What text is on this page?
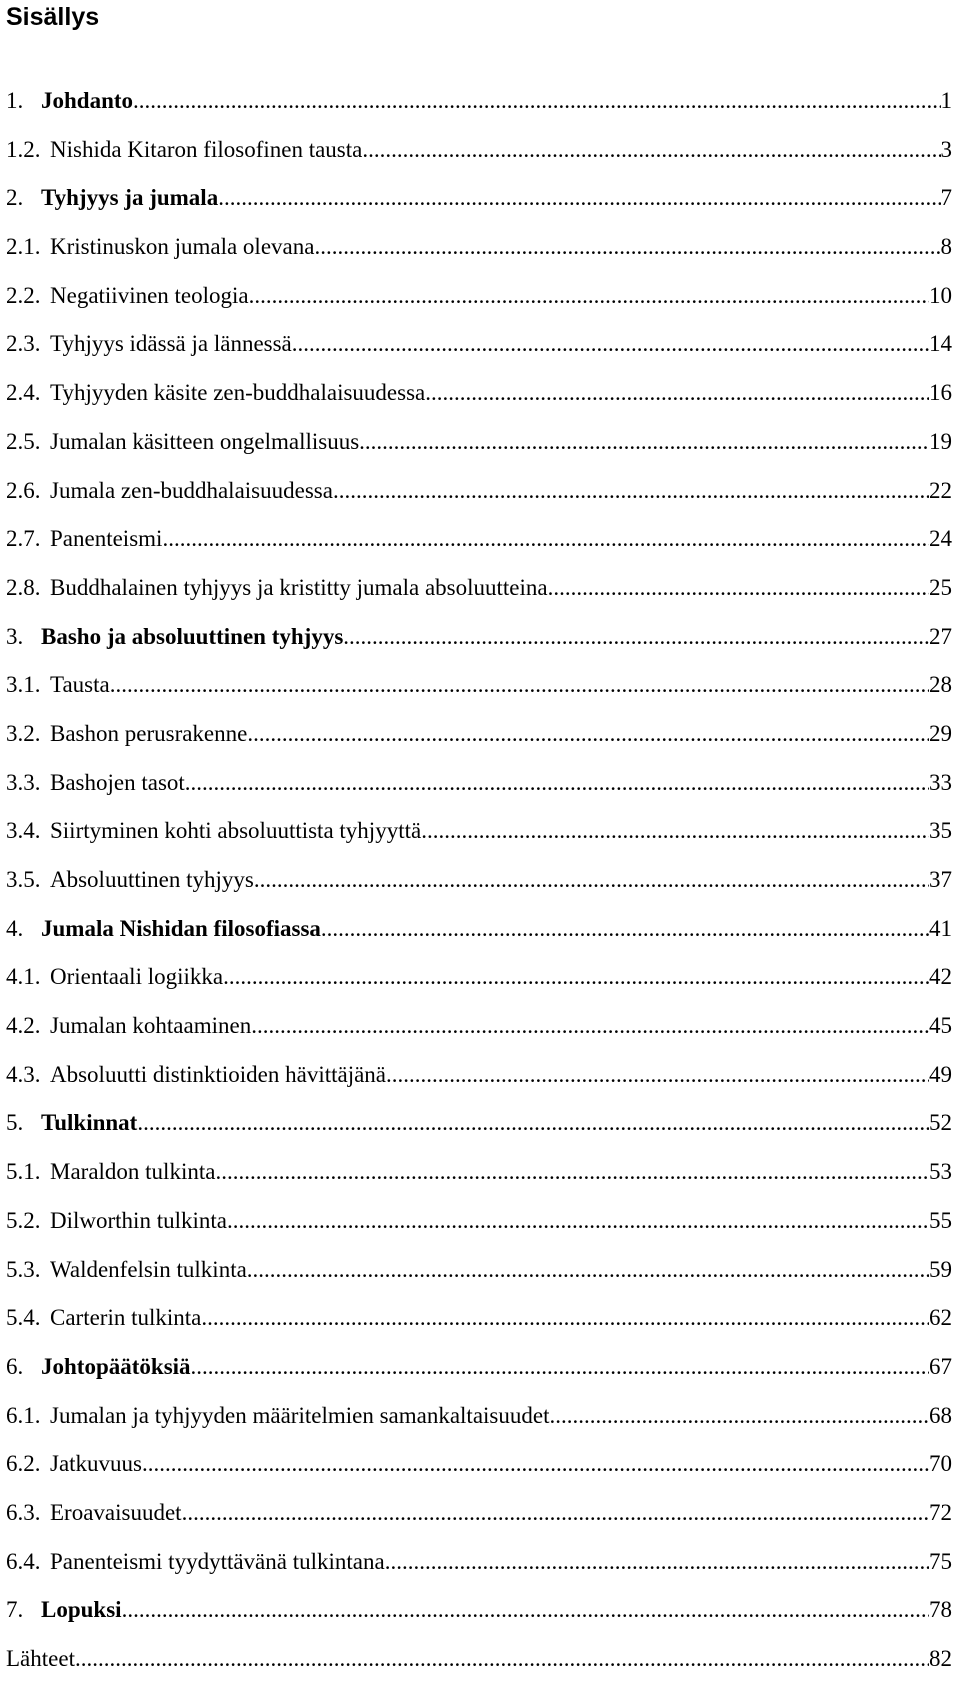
Sisällys
1. Johdanto .....	1
1.2. Nishida Kitaron filosofinen tausta .....	3
2. Tyhjyys ja jumala .....	7
2.1. Kristinuskon jumala olevana .....	8
2.2. Negatiivinen teologia .....	10
2.3. Tyhjyys idässä ja lännessä .....	14
2.4. Tyhjyyden käsite zen-buddhalaisuudessa .....	16
2.5. Jumalan käsitteen ongelmallisuus .....	19
2.6. Jumala zen-buddhalaisuudessa .....	22
2.7. Panenteismi .....	24
2.8. Buddhalainen tyhjyys ja kristitty jumala absoluutteina .....	25
3. Basho ja absoluuttinen tyhjyys .....	27
3.1. Tausta .....	28
3.2. Bashon perusrakenne .....	29
3.3. Bashojen tasot .....	33
3.4. Siirtyminen kohti absoluuttista tyhjyyttä .....	35
3.5. Absoluuttinen tyhjyys .....	37
4. Jumala Nishidan filosofiassa .....	41
4.1. Orientaali logiikka .....	42
4.2. Jumalan kohtaaminen .....	45
4.3. Absoluutti distinktioiden hävittäjänä .....	49
5. Tulkinnat .....	52
5.1. Maraldon tulkinta .....	53
5.2. Dilworthin tulkinta .....	55
5.3. Waldenfelsin tulkinta .....	59
5.4. Carterin tulkinta .....	62
6. Johtopäätöksiä .....	67
6.1. Jumalan ja tyhjyyden määritelmien samankaltaisuudet .....	68
6.2. Jatkuvuus .....	70
6.3. Eroavaisuudet .....	72
6.4. Panenteismi tyydyttävänä tulkintana .....	75
7. Lopuksi .....	78
Lähteet .....	82
